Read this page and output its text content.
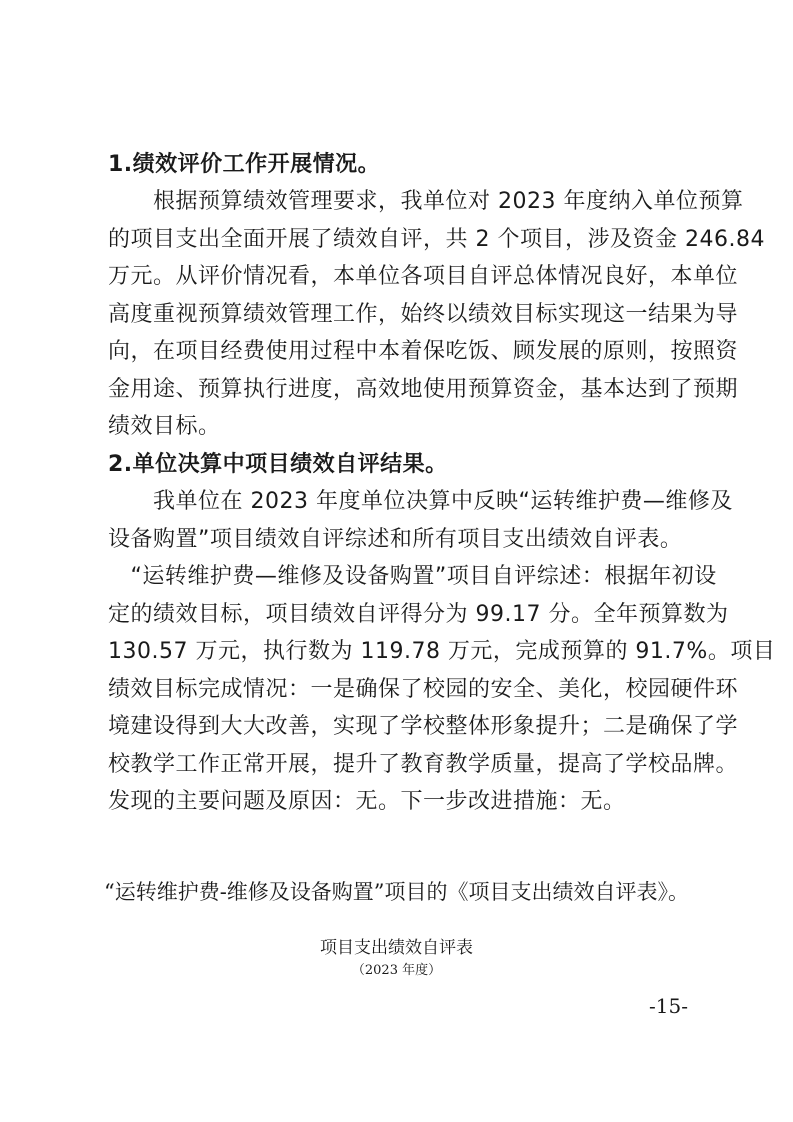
1.绩效评价工作开展情况。
　　根据预算绩效管理要求，我单位对 2023 年度纳入单位预算
的项目支出全面开展了绩效自评，共 2 个项目，涉及资金 246.84
万元。从评价情况看，本单位各项目自评总体情况良好，本单位
高度重视预算绩效管理工作，始终以绩效目标实现这一结果为导
向，在项目经费使用过程中本着保吃饭、顾发展的原则，按照资
金用途、预算执行进度，高效地使用预算资金，基本达到了预期
绩效目标。
2.单位决算中项目绩效自评结果。
　　我单位在 2023 年度单位决算中反映“运转维护费—维修及
设备购置”项目绩效自评综述和所有项目支出绩效自评表。
　“运转维护费—维修及设备购置”项目自评综述：根据年初设
定的绩效目标，项目绩效自评得分为 99.17 分。全年预算数为
130.57 万元，执行数为 119.78 万元，完成预算的 91.7%。项目
绩效目标完成情况：一是确保了校园的安全、美化，校园硬件环
境建设得到大大改善，实现了学校整体形象提升；二是确保了学
校教学工作正常开展，提升了教育教学质量，提高了学校品牌。
发现的主要问题及原因：无。下一步改进措施：无。
“运转维护费-维修及设备购置”项目的《项目支出绩效自评表》。
项目支出绩效自评表
（2023 年度）
-15-
